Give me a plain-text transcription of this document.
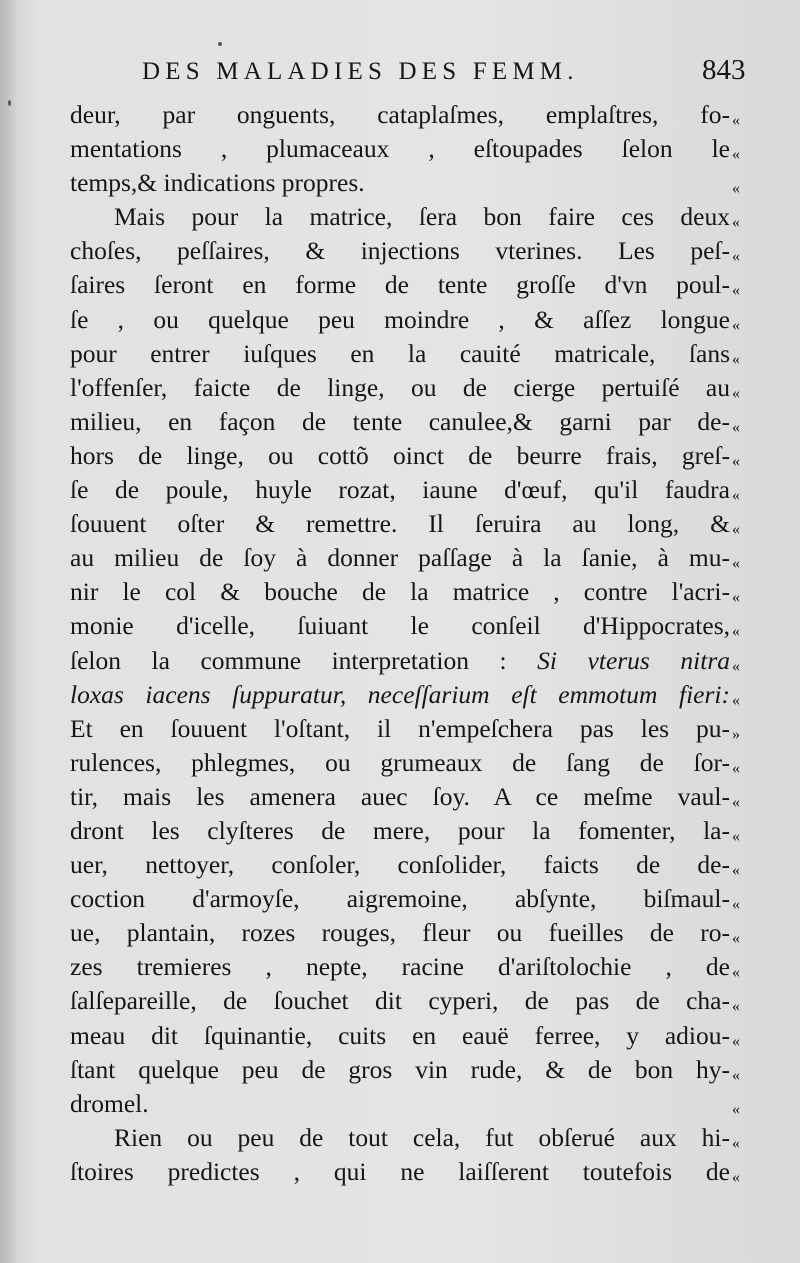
DES MALADIES DES FEMM.	843
deur, par onguents, cataplaſmes, emplaſtres, fo-
mentations , plumaceaux , eſtoupades ſelon le
temps,& indications propres.
Mais pour la matrice, ſera bon faire ces deux
choſes, peſſaires, & injections vterines. Les peſ-
ſaires ſeront en forme de tente groſſe d'vn poul-
ſe , ou quelque peu moindre , & aſſez longue
pour entrer iuſques en la cauité matricale, ſans
l'offenſer, faicte de linge, ou de cierge pertuiſé au
milieu, en façon de tente canulee,& garni par de-
hors de linge, ou cottõ oinct de beurre frais, greſ-
ſe de poule, huyle rozat, iaune d'œuf, qu'il faudra
ſouuent oſter & remettre. Il ſeruira au long, &
au milieu de ſoy à donner paſſage à la ſanie, à mu-
nir le col & bouche de la matrice , contre l'acri-
monie d'icelle, ſuiuant le conſeil d'Hippocrates,
ſelon la commune interpretation : Si vterus nitra
loxas iacens ſuppuratur, neceſſarium eſt emmotum fieri:
Et en ſouuent l'oſtant, il n'empeſchera pas les pu-
rulences, phlegmes, ou grumeaux de ſang de ſor-
tir, mais les amenera auec ſoy. A ce meſme vaul-
dront les clyſteres de mere, pour la fomenter, la-
uer, nettoyer, conſoler, conſolider, faicts de de-
coction d'armoyſe, aigremoine, abſynte, biſmaul-
ue, plantain, rozes rouges, fleur ou fueilles de ro-
zes tremieres , nepte, racine d'ariſtolochie , de
ſalſepareille, de ſouchet dit cyperi, de pas de cha-
meau dit ſquinantie, cuits en eauë ferree, y adiou-
ſtant quelque peu de gros vin rude, & de bon hy-
dromel.
Rien ou peu de tout cela, fut obſerué aux hi-
ſtoires predictes , qui ne laiſſerent toutefois de
«
«
«
«
«
«
«
«
«
«
«
«
«
«
«
«
«
«
»
«
«
«
«
«
«
«
«
«
«
«
«
«
